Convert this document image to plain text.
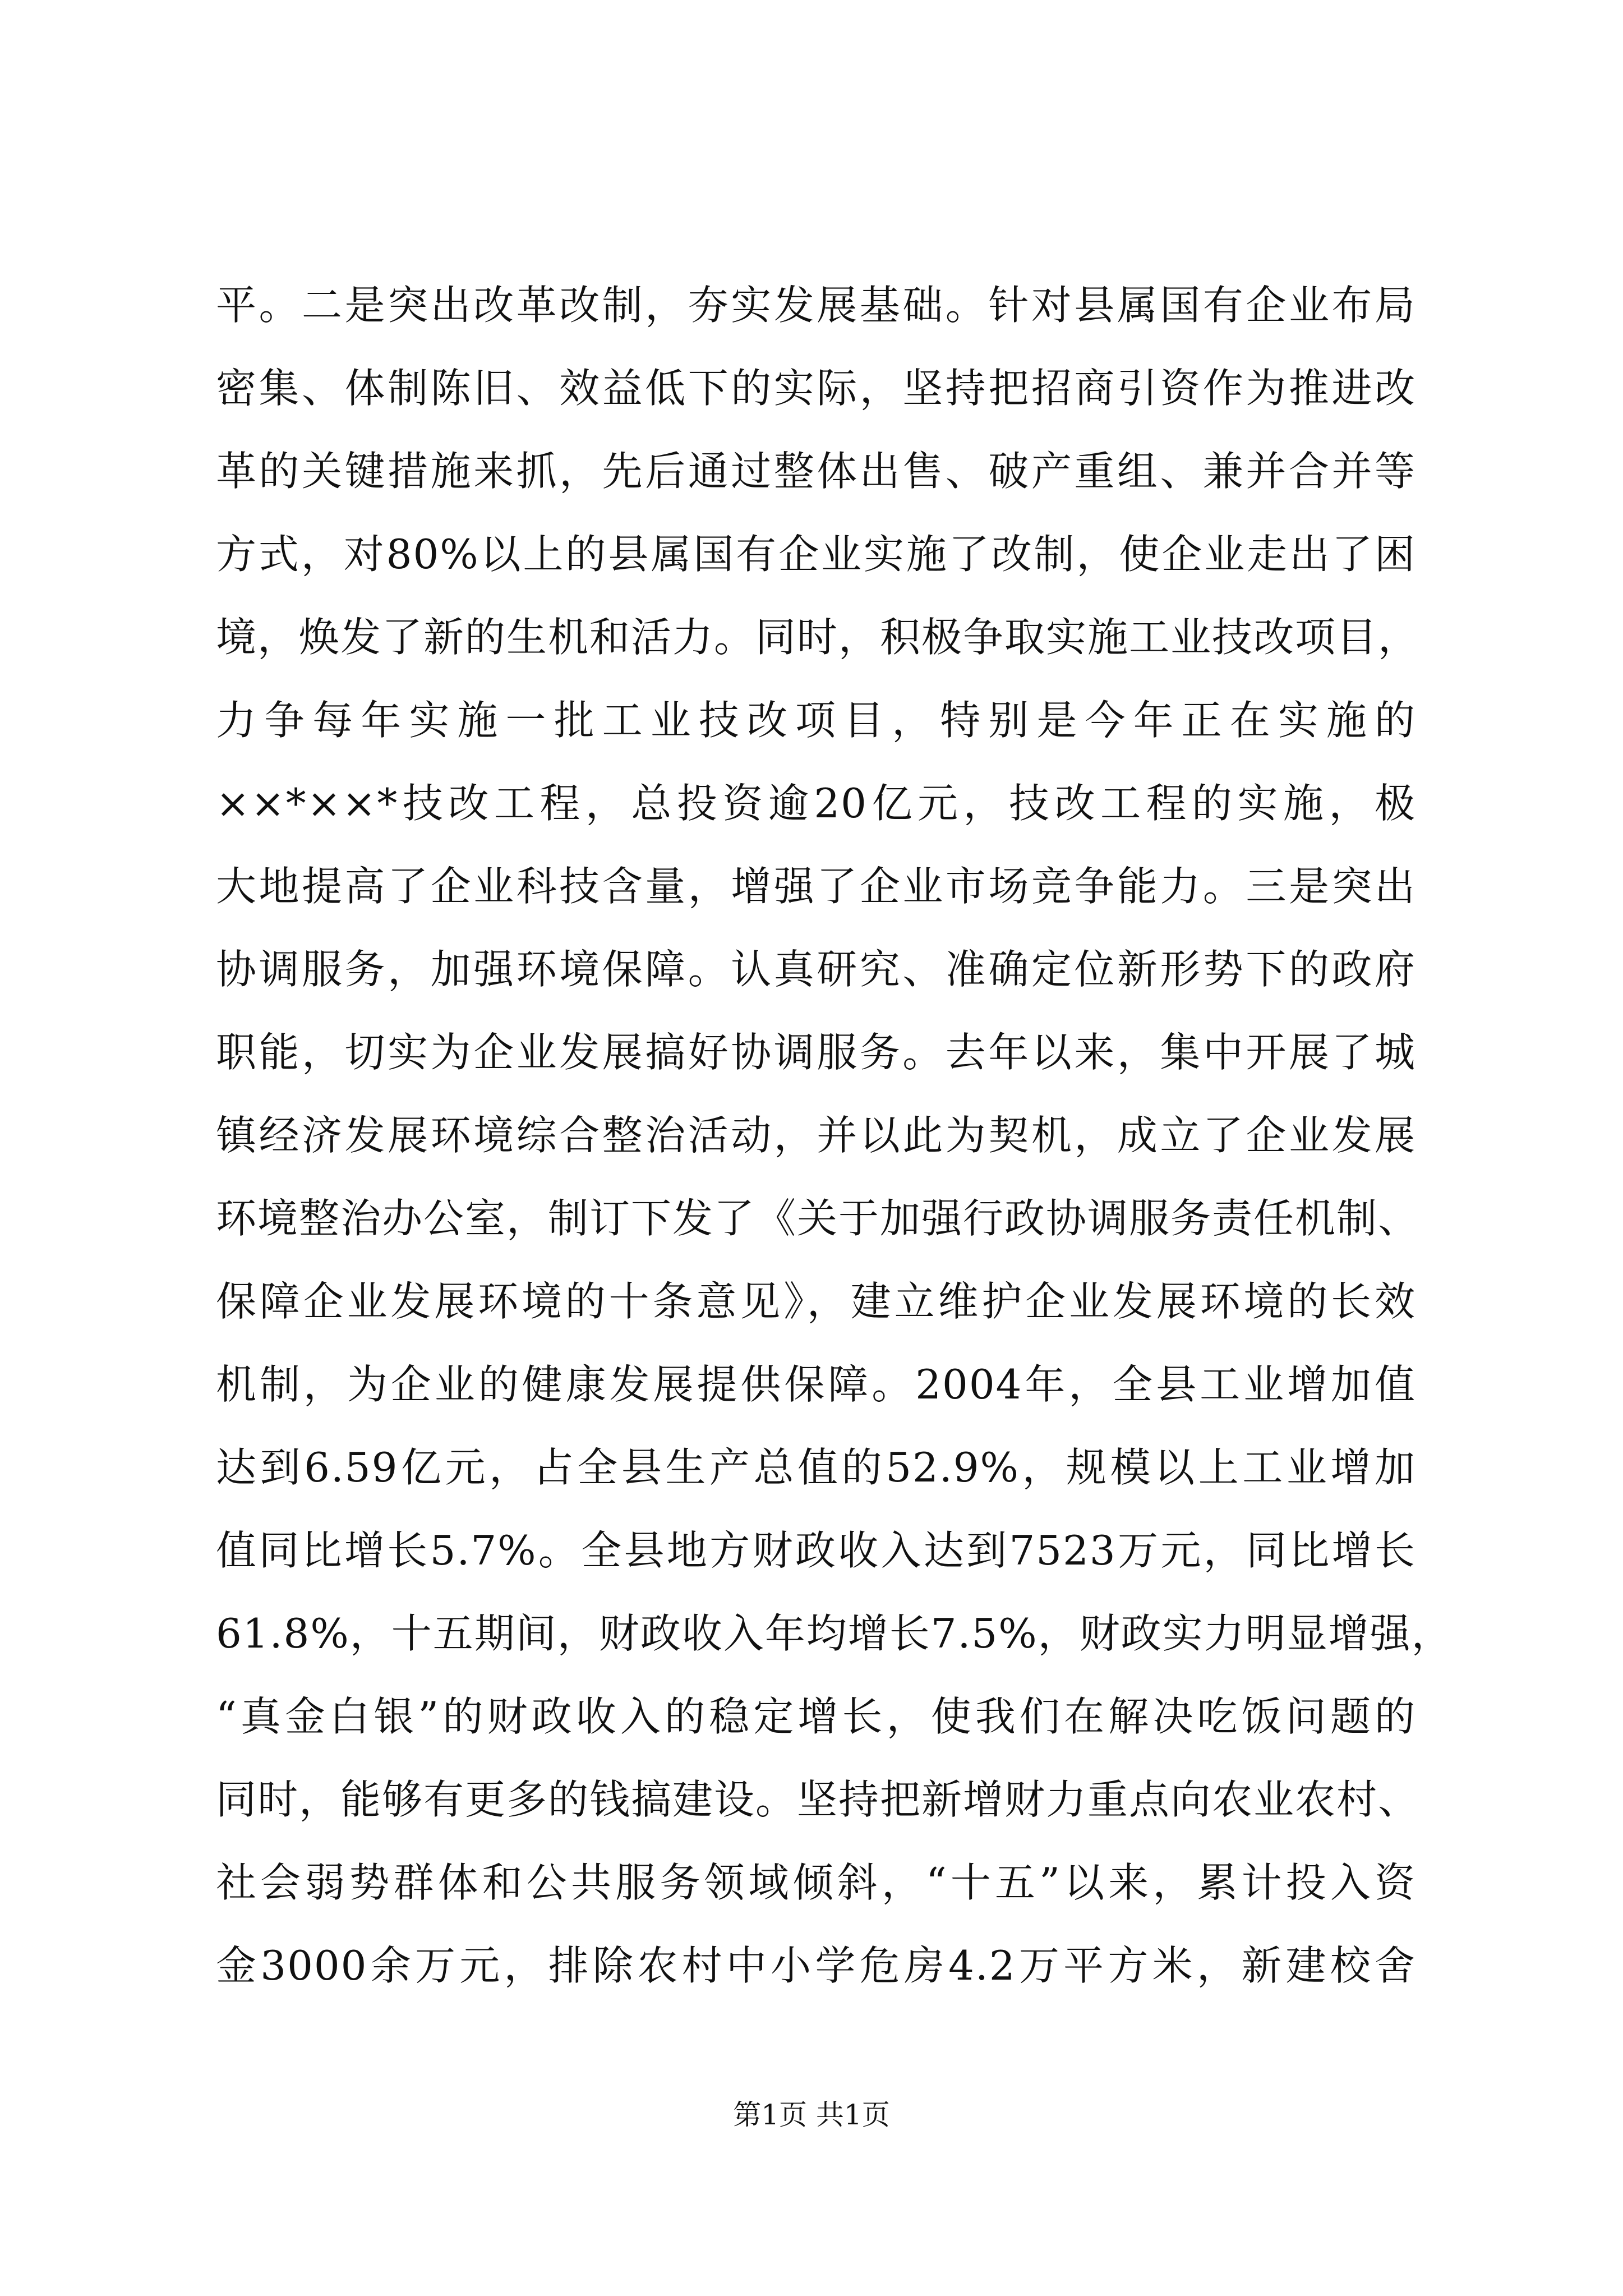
平。二是突出改革改制，夯实发展基础。针对县属国有企业布局
密集、体制陈旧、效益低下的实际，坚持把招商引资作为推进改
革的关键措施来抓，先后通过整体出售、破产重组、兼并合并等
方式，对80%以上的县属国有企业实施了改制，使企业走出了困
境，焕发了新的生机和活力。同时，积极争取实施工业技改项目，
力争每年实施一批工业技改项目，特别是今年正在实施的
××*××*技改工程，总投资逾20亿元，技改工程的实施，极
大地提高了企业科技含量，增强了企业市场竞争能力。三是突出
协调服务，加强环境保障。认真研究、准确定位新形势下的政府
职能，切实为企业发展搞好协调服务。去年以来，集中开展了城
镇经济发展环境综合整治活动，并以此为契机，成立了企业发展
环境整治办公室，制订下发了《关于加强行政协调服务责任机制、
保障企业发展环境的十条意见》，建立维护企业发展环境的长效
机制，为企业的健康发展提供保障。2004年，全县工业增加值
达到6.59亿元，占全县生产总值的52.9%，规模以上工业增加
值同比增长5.7%。全县地方财政收入达到7523万元，同比增长
61.8%，十五期间，财政收入年均增长7.5%，财政实力明显增强，
“真金白银”的财政收入的稳定增长，使我们在解决吃饭问题的
同时，能够有更多的钱搞建设。坚持把新增财力重点向农业农村、
社会弱势群体和公共服务领域倾斜，“十五”以来，累计投入资
金3000余万元，排除农村中小学危房4.2万平方米，新建校舍
第1页 共1页
